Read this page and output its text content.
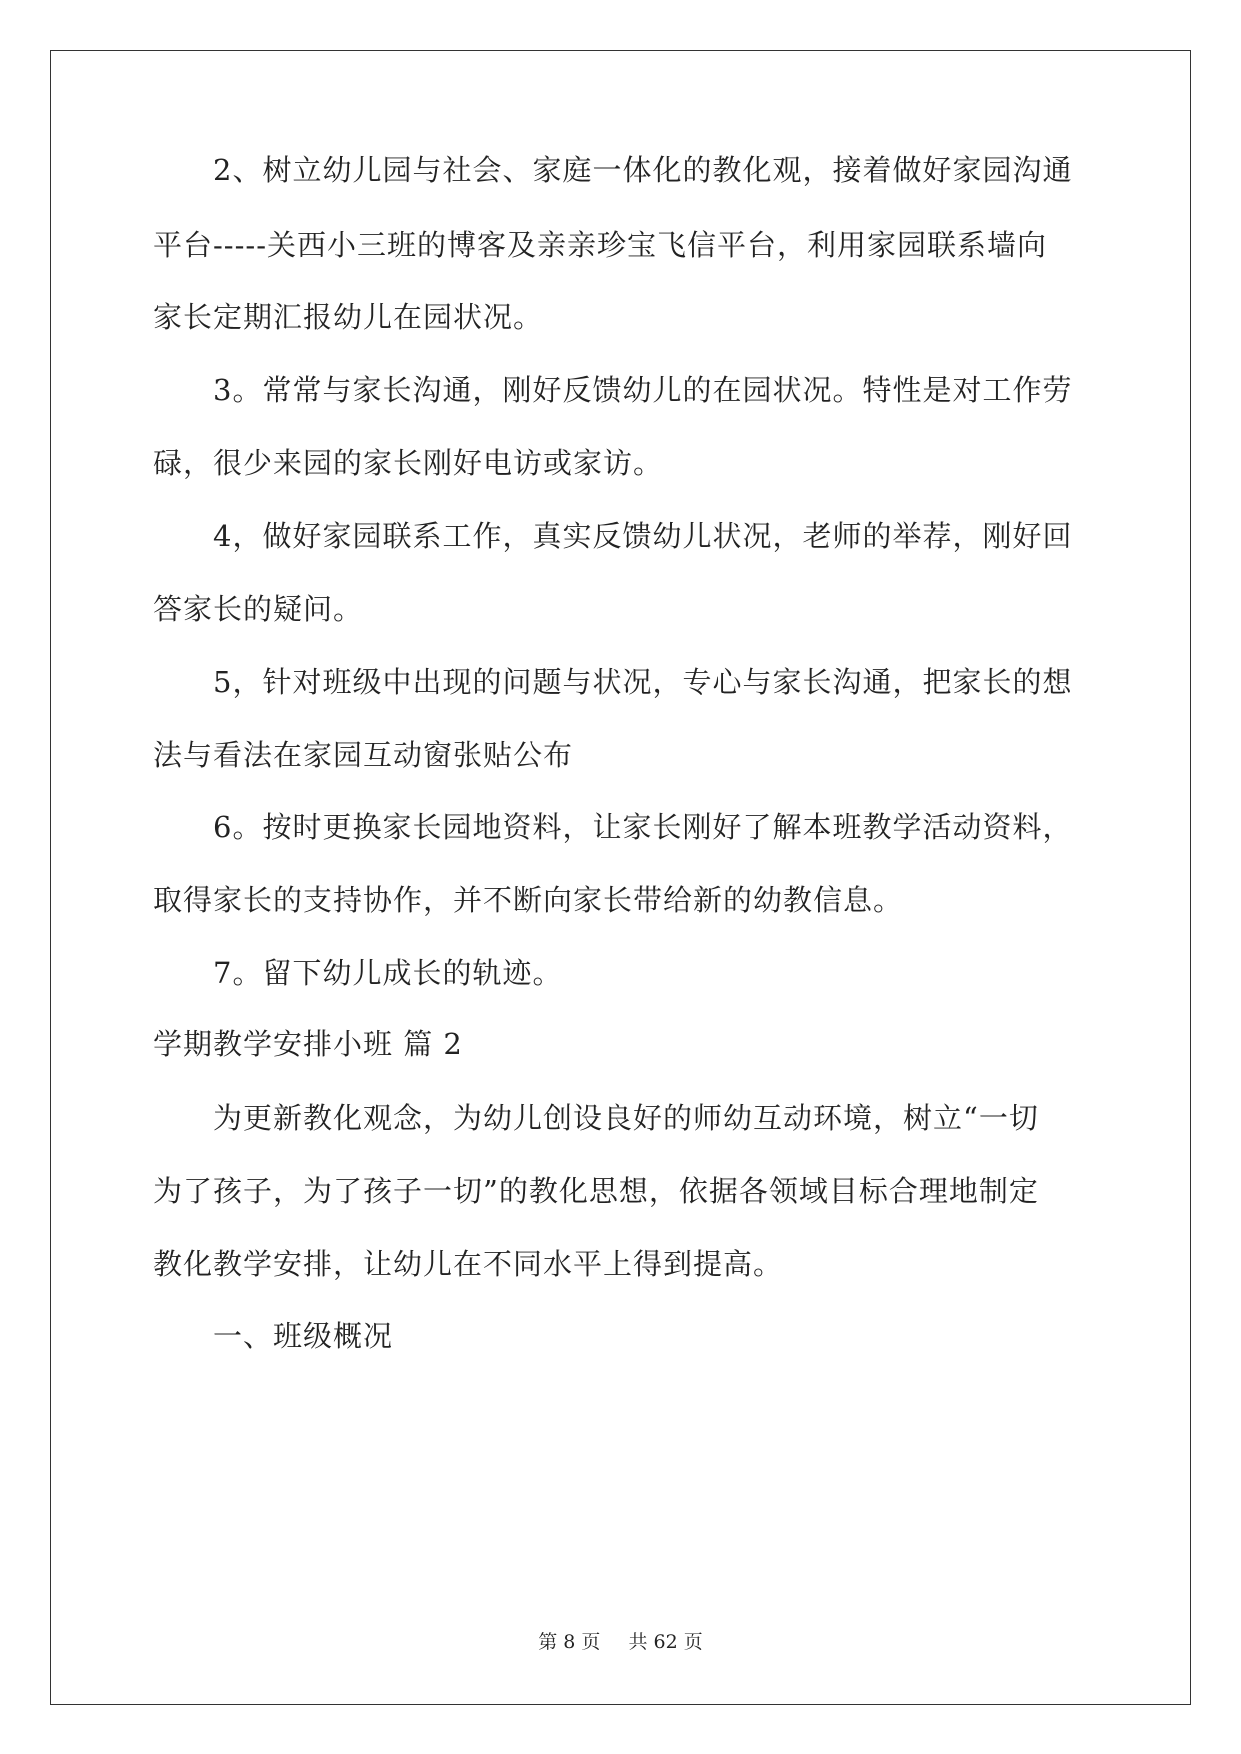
2、树立幼儿园与社会、家庭一体化的教化观，接着做好家园沟通
平台-----关西小三班的博客及亲亲珍宝飞信平台，利用家园联系墙向
家长定期汇报幼儿在园状况。
3。常常与家长沟通，刚好反馈幼儿的在园状况。特性是对工作劳
碌，很少来园的家长刚好电访或家访。
4，做好家园联系工作，真实反馈幼儿状况，老师的举荐，刚好回
答家长的疑问。
5，针对班级中出现的问题与状况，专心与家长沟通，把家长的想
法与看法在家园互动窗张贴公布
6。按时更换家长园地资料，让家长刚好了解本班教学活动资料，
取得家长的支持协作，并不断向家长带给新的幼教信息。
7。留下幼儿成长的轨迹。
学期教学安排小班 篇 2
为更新教化观念，为幼儿创设良好的师幼互动环境，树立“一切
为了孩子，为了孩子一切”的教化思想，依据各领域目标合理地制定
教化教学安排，让幼儿在不同水平上得到提高。
一、班级概况
第 8 页 共 62 页
